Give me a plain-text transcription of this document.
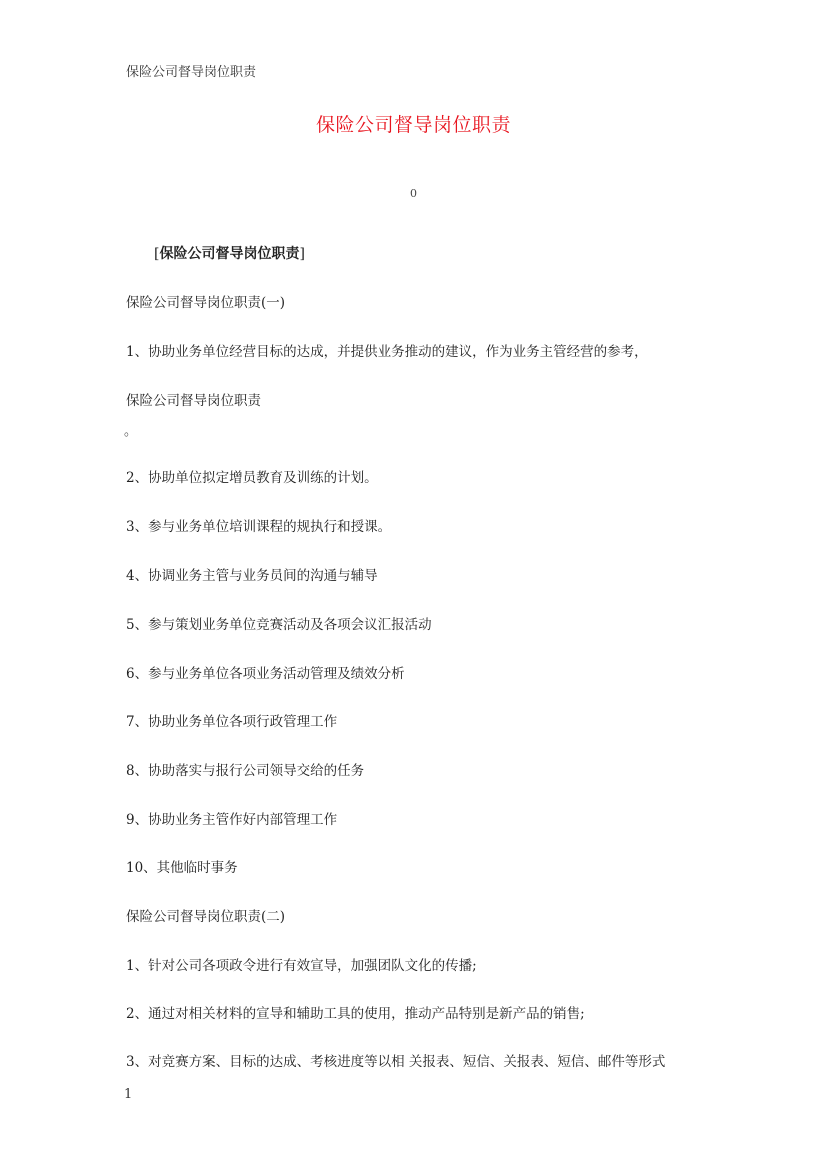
保险公司督导岗位职责
保险公司督导岗位职责
0
[保险公司督导岗位职责]
保险公司督导岗位职责(一)
1、协助业务单位经营目标的达成，并提供业务推动的建议，作为业务主管经营的参考，
保险公司督导岗位职责
。
2、协助单位拟定增员教育及训练的计划。
3、参与业务单位培训课程的规执行和授课。
4、协调业务主管与业务员间的沟通与辅导
5、参与策划业务单位竞赛活动及各项会议汇报活动
6、参与业务单位各项业务活动管理及绩效分析
7、协助业务单位各项行政管理工作
8、协助落实与报行公司领导交给的任务
9、协助业务主管作好内部管理工作
10、其他临时事务
保险公司督导岗位职责(二)
1、针对公司各项政令进行有效宣导，加强团队文化的传播;
2、通过对相关材料的宣导和辅助工具的使用，推动产品特别是新产品的销售;
3、对竞赛方案、目标的达成、考核进度等以相 关报表、短信、关报表、短信、邮件等形式
1
